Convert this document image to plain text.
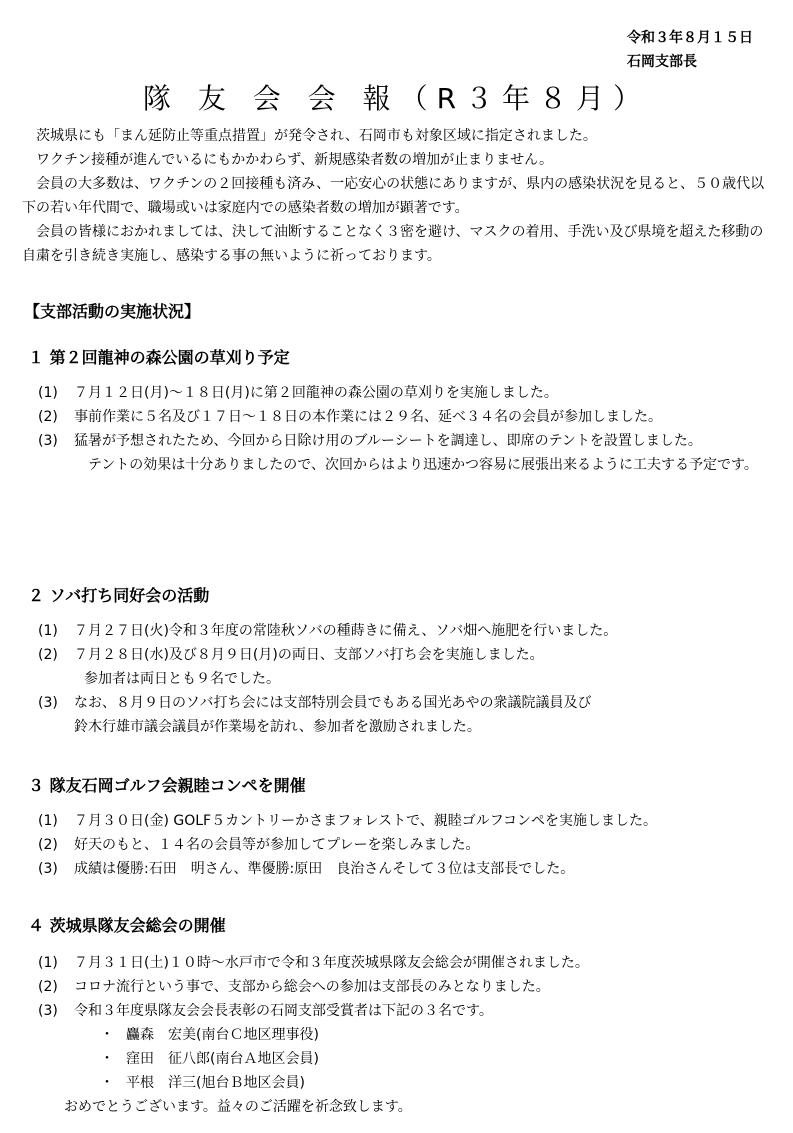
令和３年８月１５日
石岡支部長
隊 友 会 会 報（R３年８月）

茨城県にも「まん延防止等重点措置」が発令され、石岡市も対象区域に指定されました。

ワクチン接種が進んでいるにもかかわらず、新規感染者数の増加が止まりません。

会員の大多数は、ワクチンの２回接種も済み、一応安心の状態にありますが、県内の感染状況を見ると、５０歳代以下の若い年代間で、職場或いは家庭内での感染者数の増加が顕著です。

会員の皆様におかれましては、決して油断することなく３密を避け、マスクの着用、手洗い及び県境を超えた移動の自粛を引き続き実施し、感染する事の無いように祈っております。

【支部活動の実施状況】
１ 第２回龍神の森公園の草刈り予定
(1) ７月１２日(月)～１８日(月)に第２回龍神の森公園の草刈りを実施しました。
(2) 事前作業に５名及び１７日～１８日の本作業には２９名、延べ３４名の会員が参加しました。
(3) 猛暑が予想されたため、今回から日除け用のブルーシートを調達し、即席のテントを設置しました。
テントの効果は十分ありましたので、次回からはより迅速かつ容易に展張出来るように工夫する予定です。
２ ソバ打ち同好会の活動
(1) ７月２７日(火)令和３年度の常陸秋ソバの種蒔きに備え、ソバ畑へ施肥を行いました。
(2) ７月２８日(水)及び８月９日(月)の両日、支部ソバ打ち会を実施しました。
参加者は両日とも９名でした。
(3) なお、８月９日のソバ打ち会には支部特別会員でもある国光あやの衆議院議員及び
鈴木行雄市議会議員が作業場を訪れ、参加者を激励されました。
３ 隊友石岡ゴルフ会親睦コンペを開催
(1) ７月３０日(金) GOLF５カントリーかさまフォレストで、親睦ゴルフコンペを実施しました。
(2) 好天のもと、１４名の会員等が参加してプレーを楽しみました。
(3) 成績は優勝:石田　明さん、準優勝:原田　良治さんそして３位は支部長でした。
４ 茨城県隊友会総会の開催
(1) ７月３１日(土)１０時～水戸市で令和３年度茨城県隊友会総会が開催されました。
(2) コロナ流行という事で、支部から総会への参加は支部長のみとなりました。
(3) 令和３年度県隊友会会長表彰の石岡支部受賞者は下記の３名です。
・ 麤森　宏美(南台Ｃ地区理事役)
・ 窪田　征八郎(南台Ａ地区会員)
・ 平根　洋三(旭台Ｂ地区会員)
おめでとうございます。益々のご活躍を祈念致します。
